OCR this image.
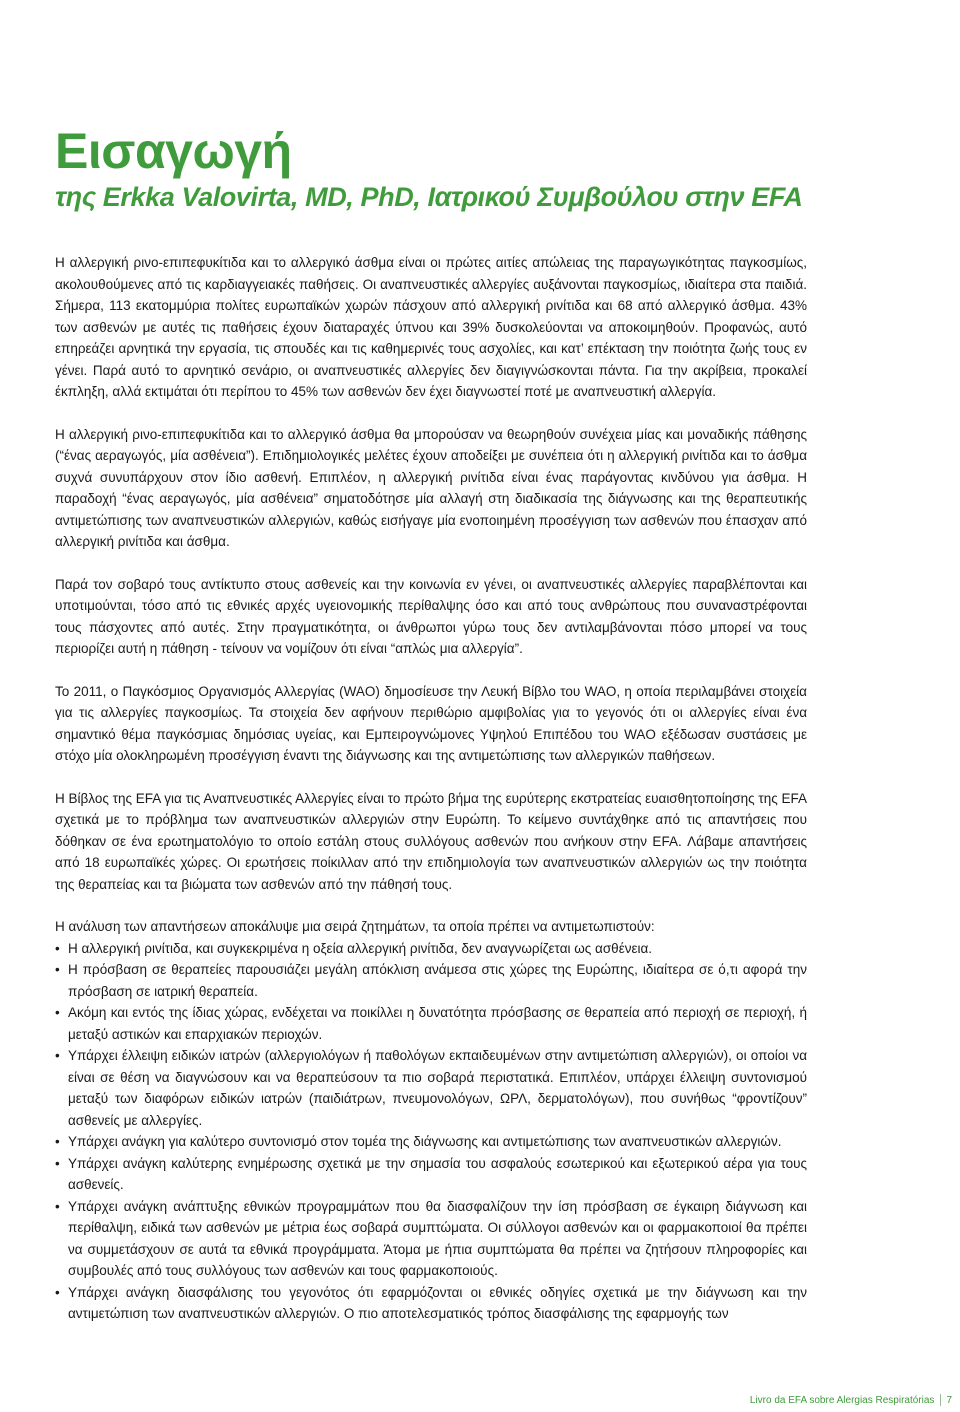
Εισαγωγή
της Erkka Valovirta, MD, PhD, Ιατρικού Συμβούλου στην EFA

Η αλλεργική ρινο-επιπεφυκίτιδα και το αλλεργικό άσθμα είναι οι πρώτες αιτίες απώλειας της παραγωγικότητας παγκοσμίως, ακολουθούμενες από τις καρδιαγγειακές παθήσεις. Οι αναπνευστικές αλλεργίες αυξάνονται παγκοσμίως, ιδιαίτερα στα παιδιά. Σήμερα, 113 εκατομμύρια πολίτες ευρωπαϊκών χωρών πάσχουν από αλλεργική ρινίτιδα και 68 από αλλεργικό άσθμα. 43% των ασθενών με αυτές τις παθήσεις έχουν διαταραχές ύπνου και 39% δυσκολεύονται να αποκοιμηθούν. Προφανώς, αυτό επηρεάζει αρνητικά την εργασία, τις σπουδές και τις καθημερινές τους ασχολίες, και κατ’ επέκταση την ποιότητα ζωής τους εν γένει. Παρά αυτό το αρνητικό σενάριο, οι αναπνευστικές αλλεργίες δεν διαγιγνώσκονται πάντα. Για την ακρίβεια, προκαλεί έκπληξη, αλλά εκτιμάται ότι περίπου το 45% των ασθενών δεν έχει διαγνωστεί ποτέ με αναπνευστική αλλεργία.

Η αλλεργική ρινο-επιπεφυκίτιδα και το αλλεργικό άσθμα θα μπορούσαν να θεωρηθούν συνέχεια μίας και μοναδικής πάθησης (“ένας αεραγωγός, μία ασθένεια”). Επιδημιολογικές μελέτες έχουν αποδείξει με συνέπεια ότι η αλλεργική ρινίτιδα και το άσθμα συχνά συνυπάρχουν στον ίδιο ασθενή. Επιπλέον, η αλλεργική ρινίτιδα είναι ένας παράγοντας κινδύνου για άσθμα. Η παραδοχή “ένας αεραγωγός, μία ασθένεια” σηματοδότησε μία αλλαγή στη διαδικασία της διάγνωσης και της θεραπευτικής αντιμετώπισης των αναπνευστικών αλλεργιών, καθώς εισήγαγε μία ενοποιημένη προσέγγιση των ασθενών που έπασχαν από αλλεργική ρινίτιδα και άσθμα.

Παρά τον σοβαρό τους αντίκτυπο στους ασθενείς και την κοινωνία εν γένει, οι αναπνευστικές αλλεργίες παραβλέπονται και υποτιμούνται, τόσο από τις εθνικές αρχές υγειονομικής περίθαλψης όσο και από τους ανθρώπους που συναναστρέφονται τους πάσχοντες από αυτές. Στην πραγματικότητα, οι άνθρωποι γύρω τους δεν αντιλαμβάνονται πόσο μπορεί να τους περιορίζει αυτή η πάθηση - τείνουν να νομίζουν ότι είναι “απλώς μια αλλεργία”.

Το 2011, ο Παγκόσμιος Οργανισμός Αλλεργίας (WAO) δημοσίευσε την Λευκή Βίβλο του WAO, η οποία περιλαμβάνει στοιχεία για τις αλλεργίες παγκοσμίως. Τα στοιχεία δεν αφήνουν περιθώριο αμφιβολίας για το γεγονός ότι οι αλλεργίες είναι ένα σημαντικό θέμα παγκόσμιας δημόσιας υγείας, και Εμπειρογνώμονες Υψηλού Επιπέδου του WAO εξέδωσαν συστάσεις με στόχο μία ολοκληρωμένη προσέγγιση έναντι της διάγνωσης και της αντιμετώπισης των αλλεργικών παθήσεων.

Η Βίβλος της EFA για τις Αναπνευστικές Αλλεργίες είναι το πρώτο βήμα της ευρύτερης εκστρατείας ευαισθητοποίησης της EFA σχετικά με το πρόβλημα των αναπνευστικών αλλεργιών στην Ευρώπη. Το κείμενο συντάχθηκε από τις απαντήσεις που δόθηκαν σε ένα ερωτηματολόγιο το οποίο εστάλη στους συλλόγους ασθενών που ανήκουν στην EFA. Λάβαμε απαντήσεις από 18 ευρωπαϊκές χώρες. Οι ερωτήσεις ποίκιλλαν από την επιδημιολογία των αναπνευστικών αλλεργιών ως την ποιότητα της θεραπείας και τα βιώματα των ασθενών από την πάθησή τους.

Η ανάλυση των απαντήσεων αποκάλυψε μια σειρά ζητημάτων, τα οποία πρέπει να αντιμετωπιστούν:

• Η αλλεργική ρινίτιδα, και συγκεκριμένα η οξεία αλλεργική ρινίτιδα, δεν αναγνωρίζεται ως ασθένεια.
• Η πρόσβαση σε θεραπείες παρουσιάζει μεγάλη απόκλιση ανάμεσα στις χώρες της Ευρώπης, ιδιαίτερα σε ό,τι αφορά την πρόσβαση σε ιατρική θεραπεία.
• Ακόμη και εντός της ίδιας χώρας, ενδέχεται να ποικίλλει η δυνατότητα πρόσβασης σε θεραπεία από περιοχή σε περιοχή, ή μεταξύ αστικών και επαρχιακών περιοχών.
• Υπάρχει έλλειψη ειδικών ιατρών (αλλεργιολόγων ή παθολόγων εκπαιδευμένων στην αντιμετώπιση αλλεργιών), οι οποίοι να είναι σε θέση να διαγνώσουν και να θεραπεύσουν τα πιο σοβαρά περιστατικά. Επιπλέον, υπάρχει έλλειψη συντονισμού μεταξύ των διαφόρων ειδικών ιατρών (παιδιάτρων, πνευμονολόγων, ΩΡΛ, δερματολόγων), που συνήθως “φροντίζουν” ασθενείς με αλλεργίες.
• Υπάρχει ανάγκη για καλύτερο συντονισμό στον τομέα της διάγνωσης και αντιμετώπισης των αναπνευστικών αλλεργιών.
• Υπάρχει ανάγκη καλύτερης ενημέρωσης σχετικά με την σημασία του ασφαλούς εσωτερικού και εξωτερικού αέρα για τους ασθενείς.
• Υπάρχει ανάγκη ανάπτυξης εθνικών προγραμμάτων που θα διασφαλίζουν την ίση πρόσβαση σε έγκαιρη διάγνωση και περίθαλψη, ειδικά των ασθενών με μέτρια έως σοβαρά συμπτώματα. Οι σύλλογοι ασθενών και οι φαρμακοποιοί θα πρέπει να συμμετάσχουν σε αυτά τα εθνικά προγράμματα. Άτομα με ήπια συμπτώματα θα πρέπει να ζητήσουν πληροφορίες και συμβουλές από τους συλλόγους των ασθενών και τους φαρμακοποιούς.
• Υπάρχει ανάγκη διασφάλισης του γεγονότος ότι εφαρμόζονται οι εθνικές οδηγίες σχετικά με την διάγνωση και την αντιμετώπιση των αναπνευστικών αλλεργιών. Ο πιο αποτελεσματικός τρόπος διασφάλισης της εφαρμογής των
Livro da EFA sobre Alergias Respiratórias 7
